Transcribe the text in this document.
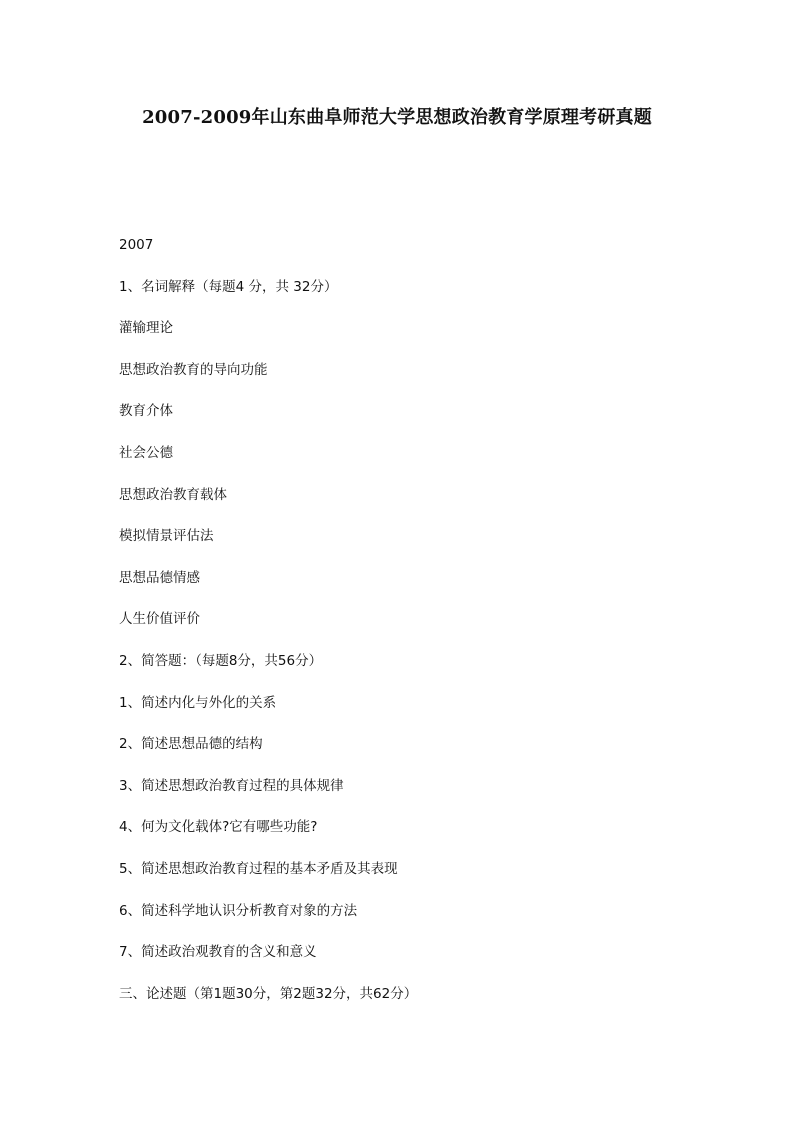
2007-2009年山东曲阜师范大学思想政治教育学原理考研真题
2007
1、名词解释（每题4 分，共 32分）
灌输理论
思想政治教育的导向功能
教育介体
社会公德
思想政治教育载体
模拟情景评估法
思想品德情感
人生价值评价
2、简答题：（每题8分，共56分）
1、简述内化与外化的关系
2、简述思想品德的结构
3、简述思想政治教育过程的具体规律
4、何为文化载体?它有哪些功能?
5、简述思想政治教育过程的基本矛盾及其表现
6、简述科学地认识分析教育对象的方法
7、简述政治观教育的含义和意义
三、论述题（第1题30分，第2题32分，共62分）
